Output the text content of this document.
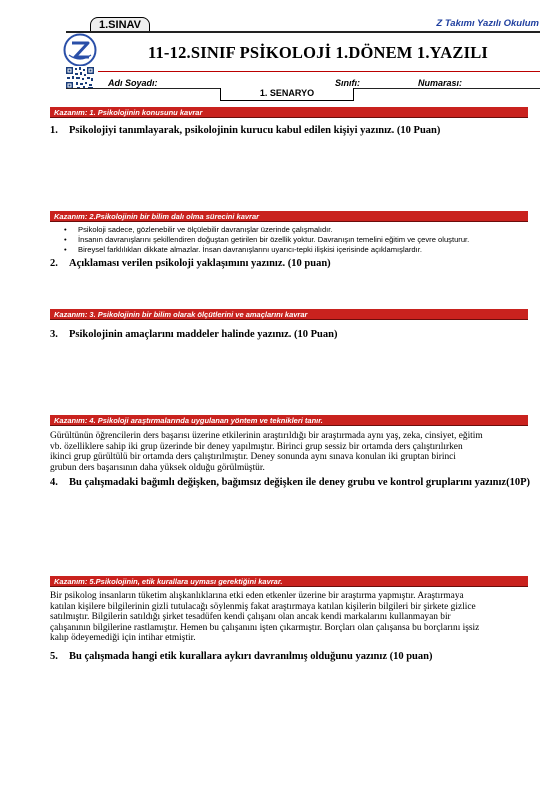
1.SINAV	Z Takımı Yazılı Okulum
11-12.SINIF PSİKOLOJİ 1.DÖNEM 1.YAZILI
Adı Soyadı:	Sınıfı:	Numarası:
1. SENARYO
Kazanım: 1. Psikolojinin konusunu kavrar
1. Psikolojiyi tanımlayarak, psikolojinin kurucu kabul edilen kişiyi yazınız. (10 Puan)
Kazanım: 2.Psikolojinin bir bilim dalı olma sürecini kavrar
• Psikoloji sadece, gözlenebilir ve ölçülebilir davranışlar üzerinde çalışmalıdır.
• İnsanın davranışlarını şekillendiren doğuştan getirilen bir özellik yoktur. Davranışın temelini eğitim ve çevre oluşturur.
• Bireysel farklılıkları dikkate almazlar. İnsan davranışlarını uyarıcı-tepki ilişkisi içerisinde açıklamışlardır.
2. Açıklaması verilen psikoloji yaklaşımını yazınız. (10 puan)
Kazanım: 3. Psikolojinin bir bilim olarak ölçütlerini ve amaçlarını kavrar
3. Psikolojinin amaçlarını maddeler halinde yazınız. (10 Puan)
Kazanım: 4. Psikoloji araştırmalarında uygulanan yöntem ve teknikleri tanır.
Gürültünün öğrencilerin ders başarısı üzerine etkilerinin araştırıldığı bir araştırmada aynı yaş, zeka, cinsiyet, eğitim
vb. özelliklere sahip iki grup üzerinde bir deney yapılmıştır. Birinci grup sessiz bir ortamda ders çalıştırılırken
ikinci grup gürültülü bir ortamda ders çalıştırılmıştır. Deney sonunda aynı sınava konulan iki gruptan birinci
grubun ders başarısının daha yüksek olduğu görülmüştür.
4. Bu çalışmadaki bağımlı değişken, bağımsız değişken ile deney grubu ve kontrol gruplarını yazınız(10P)
Kazanım: 5.Psikolojinin, etik kurallara uyması gerektiğini kavrar.
Bir psikolog insanların tüketim alışkanlıklarına etki eden etkenler üzerine bir araştırma yapmıştır. Araştırmaya
katılan kişilere bilgilerinin gizli tutulacağı söylenmiş fakat araştırmaya katılan kişilerin bilgileri bir şirkete gizlice
satılmıştır. Bilgilerin satıldığı şirket tesadüfen kendi çalışanı olan ancak kendi markalarını kullanmayan bir
çalışanının bilgilerine rastlamıştır. Hemen bu çalışanını işten çıkarmıştır. Borçları olan çalışansa bu borçlarını işsiz
kalıp ödeyemediği için intihar etmiştir.
5. Bu çalışmada hangi etik kurallara aykırı davranılmış olduğunu yazınız (10 puan)
